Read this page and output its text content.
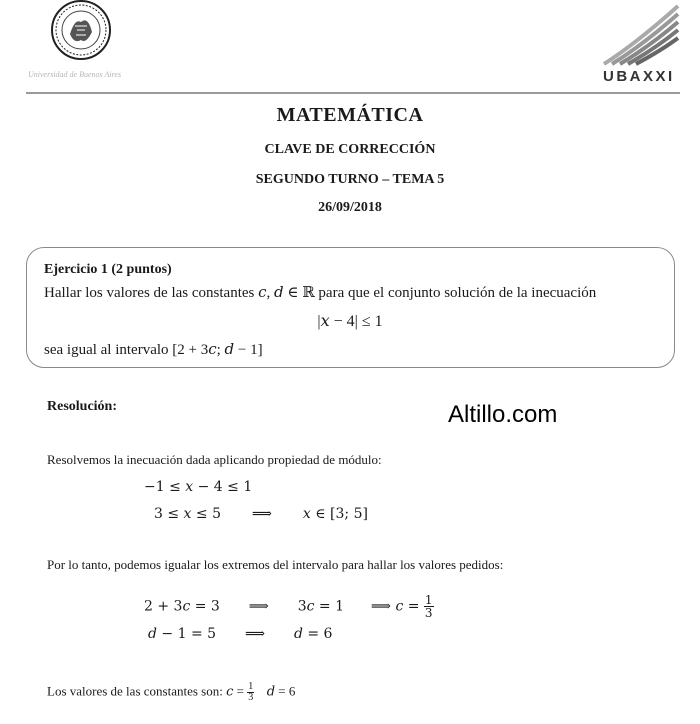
Universidad de Buenos Aires	UBAXXI
MATEMÁTICA
CLAVE DE CORRECCIÓN
SEGUNDO TURNO – TEMA 5
26/09/2018
Ejercicio 1 (2 puntos)
Hallar los valores de las constantes 𝑐, 𝑑 ∈ ℝ para que el conjunto solución de la inecuación
|𝑥 − 4| ≤ 1
sea igual al intervalo [2 + 3𝑐; 𝑑 − 1]
Resolución:	Altillo.com
Resolvemos la inecuación dada aplicando propiedad de módulo:
−1 ≤ 𝑥 − 4 ≤ 1
3 ≤ 𝑥 ≤ 5 ⟹ 𝑥 ∈ [3; 5]
Por lo tanto, podemos igualar los extremos del intervalo para hallar los valores pedidos:
2 + 3𝑐 = 3 ⟹ 3𝑐 = 1 ⟹ 𝑐 = $\frac{1}{3}$
𝑑 − 1 = 5 ⟹ 𝑑 = 6
Los valores de las constantes son: 𝑐 = $\frac{1}{3}$ 𝑑 = 6
